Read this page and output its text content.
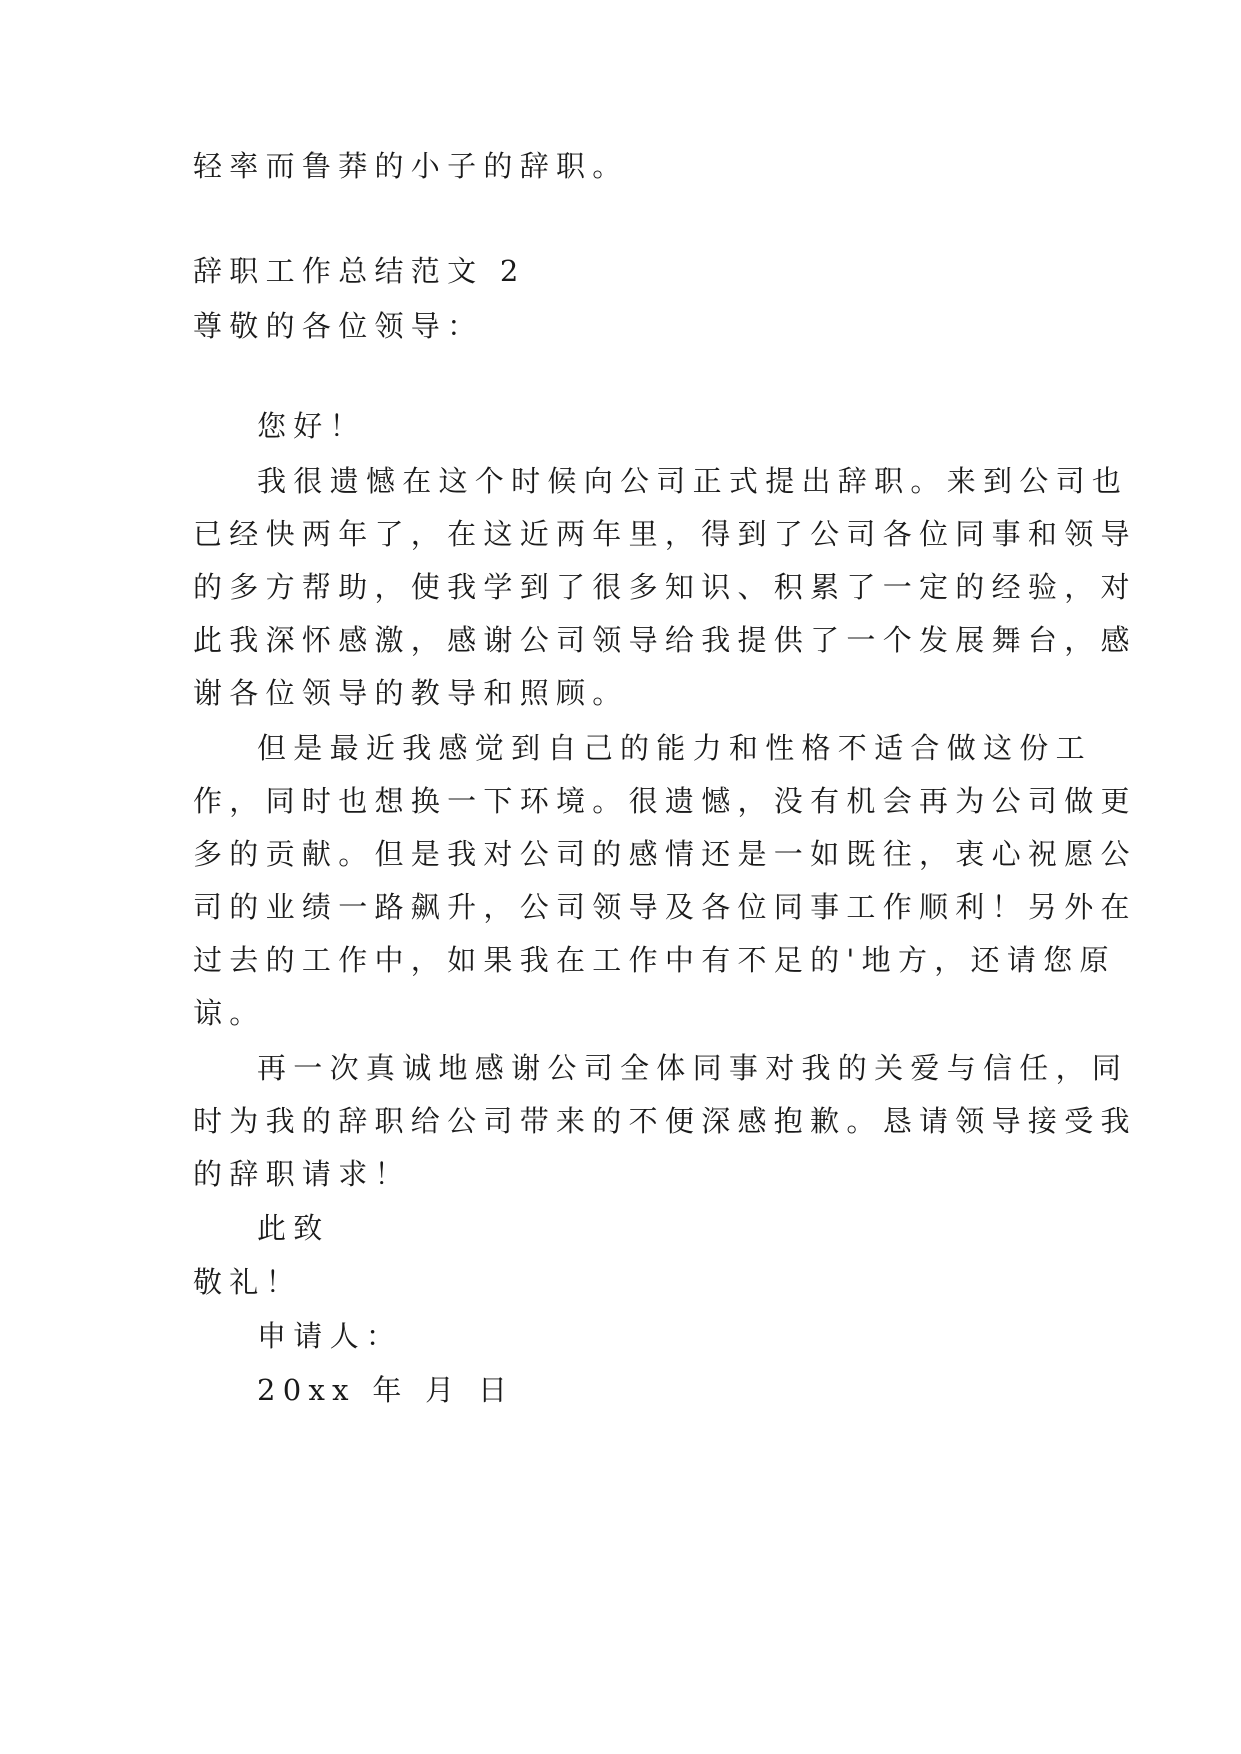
轻率而鲁莽的小子的辞职。

辞职工作总结范文 2

尊敬的各位领导：

您好！

我很遗憾在这个时候向公司正式提出辞职。来到公司也

已经快两年了，在这近两年里，得到了公司各位同事和领导

的多方帮助，使我学到了很多知识、积累了一定的经验，对

此我深怀感激，感谢公司领导给我提供了一个发展舞台，感

谢各位领导的教导和照顾。

但是最近我感觉到自己的能力和性格不适合做这份工

作，同时也想换一下环境。很遗憾，没有机会再为公司做更

多的贡献。但是我对公司的感情还是一如既往，衷心祝愿公

司的业绩一路飙升，公司领导及各位同事工作顺利！另外在

过去的工作中，如果我在工作中有不足的'地方，还请您原

谅。

再一次真诚地感谢公司全体同事对我的关爱与信任，同

时为我的辞职给公司带来的不便深感抱歉。恳请领导接受我

的辞职请求！

此致

敬礼！

申请人：

20xx 年 月 日
